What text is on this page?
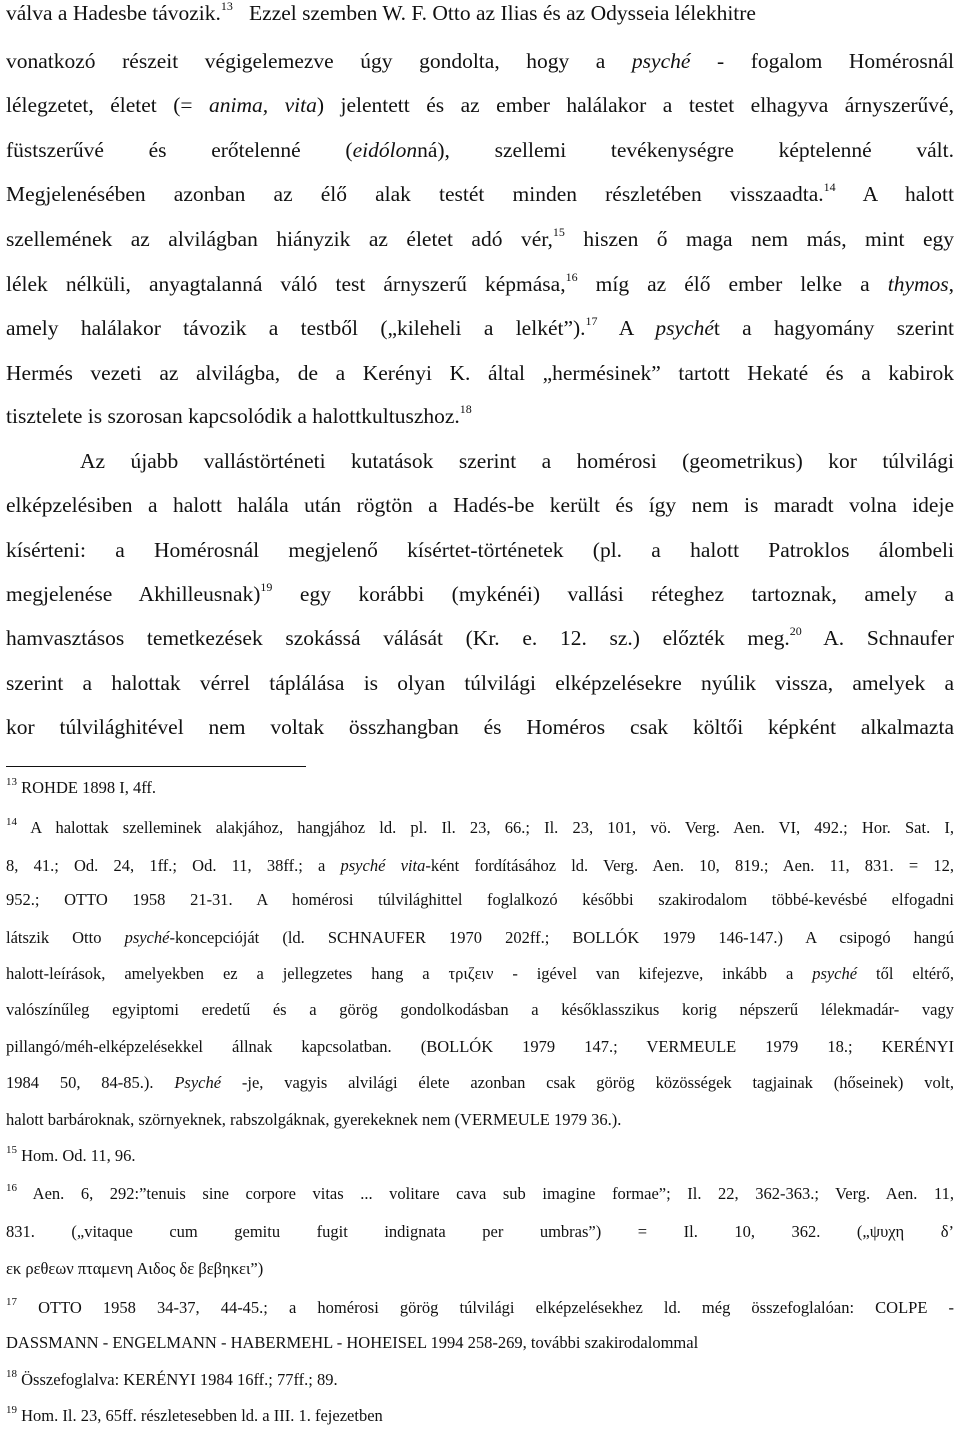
válva a Hadesbe távozik.$^{13}$ Ezzel szemben W. F. Otto az Ilias és az Odysseia lélekhitre
vonatkozó részeit végigelemezve úgy gondolta, hogy a psyché - fogalom Homérosnál
lélegzetet, életet (= anima, vita) jelentett és az ember halálakor a testet elhagyva árnyszerűvé,
füstszerűvé és erőtelenné (eidólonná), szellemi tevékenységre képtelenné vált.
Megjelenésében azonban az élő alak testét minden részletében visszaadta.$^{14}$ A halott
szellemének az alvilágban hiányzik az életet adó vér,$^{15}$ hiszen ő maga nem más, mint egy
lélek nélküli, anyagtalanná váló test árnyszerű képmása,$^{16}$ míg az élő ember lelke a thymos,
amely halálakor távozik a testből („kileheli a lelkét”).$^{17}$ A psychét a hagyomány szerint
Hermés vezeti az alvilágba, de a Kerényi K. által „hermésinek” tartott Hekaté és a kabirok
tisztelete is szorosan kapcsolódik a halottkultuszhoz.$^{18}$
Az újabb vallástörténeti kutatások szerint a homérosi (geometrikus) kor túlvilági
elképzelésiben a halott halála után rögtön a Hadés-be került és így nem is maradt volna ideje
kísérteni: a Homérosnál megjelenő kísértet-történetek (pl. a halott Patroklos álombeli
megjelenése Akhilleusnak)$^{19}$ egy korábbi (mykénéi) vallási réteghez tartoznak, amely a
hamvasztásos temetkezések szokássá válását (Kr. e. 12. sz.) előzték meg.$^{20}$ A. Schnaufer
szerint a halottak vérrel táplálása is olyan túlvilági elképzelésekre nyúlik vissza, amelyek a
kor túlvilághitével nem voltak összhangban és Homéros csak költői képként alkalmazta
$^{13}$ ROHDE 1898 I, 4ff.
$^{14}$ A halottak szelleminek alakjához, hangjához ld. pl. Il. 23, 66.; Il. 23, 101, vö. Verg. Aen. VI, 492.; Hor. Sat. I,
8, 41.; Od. 24, 1ff.; Od. 11, 38ff.; a psyché vita-ként fordításához ld. Verg. Aen. 10, 819.; Aen. 11, 831. = 12,
952.; OTTO 1958 21-31. A homérosi túlvilághittel foglalkozó későbbi szakirodalom többé-kevésbé elfogadni
látszik Otto psyché-koncepcióját (ld. SCHNAUFER 1970 202ff.; BOLLÓK 1979 146-147.) A csipogó hangú
halott-leírások, amelyekben ez a jellegzetes hang a τριζειν - igével van kifejezve, inkább a psyché től eltérő,
valószínűleg egyiptomi eredetű és a görög gondolkodásban a későklasszikus korig népszerű lélekmadár- vagy
pillangó/méh-elképzelésekkel állnak kapcsolatban. (BOLLÓK 1979 147.; VERMEULE 1979 18.; KERÉNYI
1984 50, 84-85.). Psyché -je, vagyis alvilági élete azonban csak görög közösségek tagjainak (hőseinek) volt,
halott barbároknak, szörnyeknek, rabszolgáknak, gyerekeknek nem (VERMEULE 1979 36.).
$^{15}$ Hom. Od. 11, 96.
$^{16}$ Aen. 6, 292:”tenuis sine corpore vitas ... volitare cava sub imagine formae”; Il. 22, 362-363.; Verg. Aen. 11,
831. („vitaque cum gemitu fugit indignata per umbras”) = Il. 10, 362. („ψυχη δ’
εκ ρεθεων πταμενη Αιδος δε βεβηκει”)
$^{17}$ OTTO 1958 34-37, 44-45.; a homérosi görög túlvilági elképzelésekhez ld. még összefoglalóan: COLPE -
DASSMANN - ENGELMANN - HABERMEHL - HOHEISEL 1994 258-269, további szakirodalommal
$^{18}$ Összefoglalva: KERÉNYI 1984 16ff.; 77ff.; 89.
$^{19}$ Hom. Il. 23, 65ff. részletesebben ld. a III. 1. fejezetben
